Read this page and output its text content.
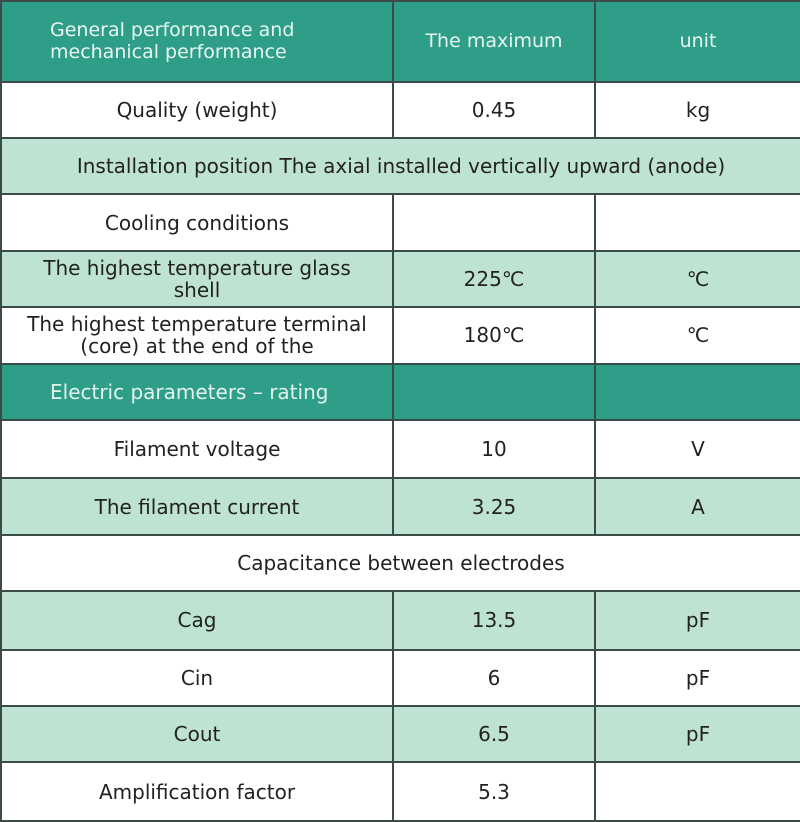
General performance and mechanical performance	The maximum	unit
Quality (weight)	0.45	kg
Installation position The axial installed vertically upward (anode)		
Cooling conditions		
The highest temperature glass shell	225℃	℃
The highest temperature terminal (core) at the end of the	180℃	℃
Electric parameters – rating		
Filament voltage	10	V
The filament current	3.25	A
Capacitance between electrodes		
Cag	13.5	pF
Cin	6	pF
Cout	6.5	pF
Amplification factor	5.3	
